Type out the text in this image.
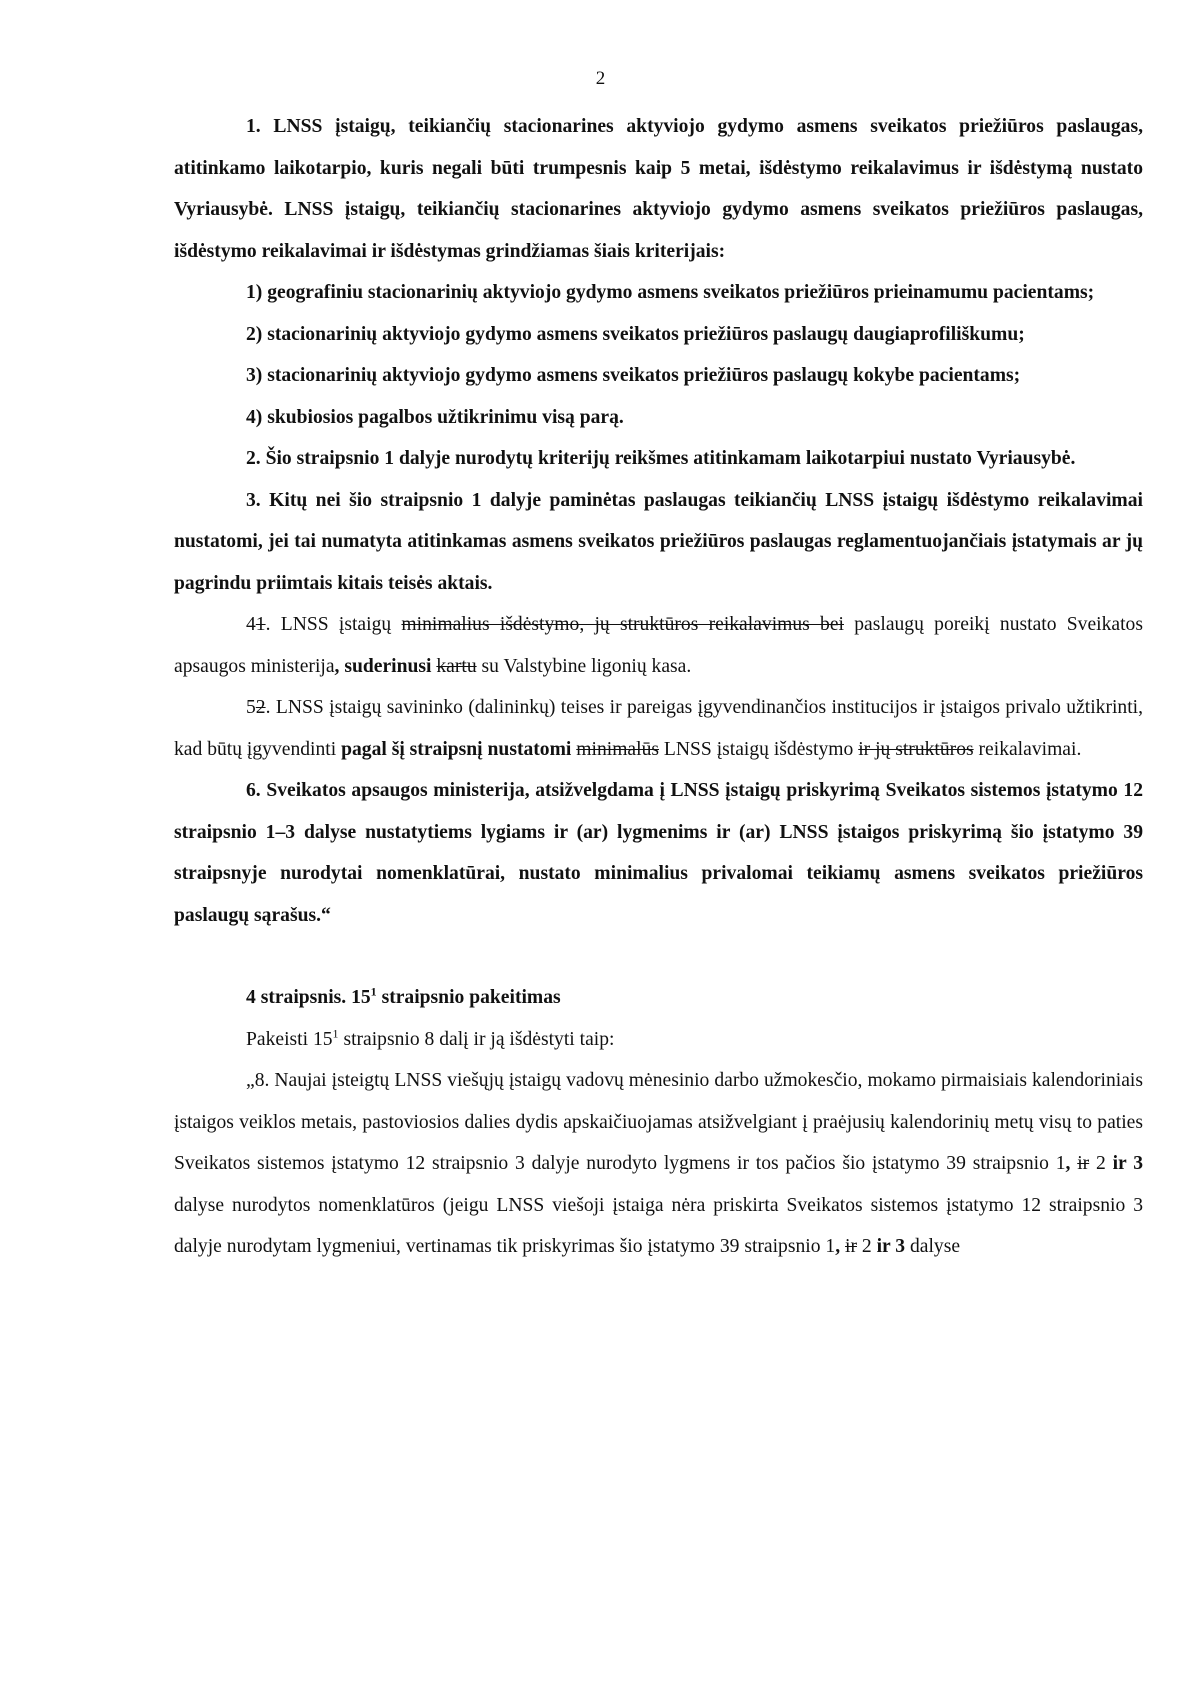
2

1. LNSS įstaigų, teikiančių stacionarines aktyviojo gydymo asmens sveikatos priežiūros paslaugas, atitinkamo laikotarpio, kuris negali būti trumpesnis kaip 5 metai, išdėstymo reikalavimus ir išdėstymą nustato Vyriausybė. LNSS įstaigų, teikiančių stacionarines aktyviojo gydymo asmens sveikatos priežiūros paslaugas, išdėstymo reikalavimai ir išdėstymas grindžiamas šiais kriterijais:

1) geografiniu stacionarinių aktyviojo gydymo asmens sveikatos priežiūros prieinamumu pacientams;

2) stacionarinių aktyviojo gydymo asmens sveikatos priežiūros paslaugų daugiaprofiliškumu;

3) stacionarinių aktyviojo gydymo asmens sveikatos priežiūros paslaugų kokybe pacientams;

4) skubiosios pagalbos užtikrinimu visą parą.

2. Šio straipsnio 1 dalyje nurodytų kriterijų reikšmes atitinkamam laikotarpiui nustato Vyriausybė.

3. Kitų nei šio straipsnio 1 dalyje paminėtas paslaugas teikiančių LNSS įstaigų išdėstymo reikalavimai nustatomi, jei tai numatyta atitinkamas asmens sveikatos priežiūros paslaugas reglamentuojančiais įstatymais ar jų pagrindu priimtais kitais teisės aktais.

41. LNSS įstaigų minimalius išdėstymo, jų struktūros reikalavimus bei paslaugų poreikį nustato Sveikatos apsaugos ministerija, suderinusi kartu su Valstybine ligonių kasa.

52. LNSS įstaigų savininko (dalininkų) teises ir pareigas įgyvendinančios institucijos ir įstaigos privalo užtikrinti, kad būtų įgyvendinti pagal šį straipsnį nustatomi minimalūs LNSS įstaigų išdėstymo ir jų struktūros reikalavimai.

6. Sveikatos apsaugos ministerija, atsižvelgdama į LNSS įstaigų priskyrimą Sveikatos sistemos įstatymo 12 straipsnio 1–3 dalyse nustatytiems lygiams ir (ar) lygmenims ir (ar) LNSS įstaigos priskyrimą šio įstatymo 39 straipsnyje nurodytai nomenklatūrai, nustato minimalius privalomai teikiamų asmens sveikatos priežiūros paslaugų sąrašus.“

4 straipsnis. $15^1$ straipsnio pakeitimas

Pakeisti $15^1$ straipsnio 8 dalį ir ją išdėstyti taip:

„8. Naujai įsteigtų LNSS viešųjų įstaigų vadovų mėnesinio darbo užmokesčio, mokamo pirmaisiais kalendoriniais įstaigos veiklos metais, pastoviosios dalies dydis apskaičiuojamas atsižvelgiant į praėjusių kalendorinių metų visų to paties Sveikatos sistemos įstatymo 12 straipsnio 3 dalyje nurodyto lygmens ir tos pačios šio įstatymo 39 straipsnio 1, ir 2 ir 3 dalyse nurodytos nomenklatūros (jeigu LNSS viešoji įstaiga nėra priskirta Sveikatos sistemos įstatymo 12 straipsnio 3 dalyje nurodytam lygmeniui, vertinamas tik priskyrimas šio įstatymo 39 straipsnio 1, ir 2 ir 3 dalyse
